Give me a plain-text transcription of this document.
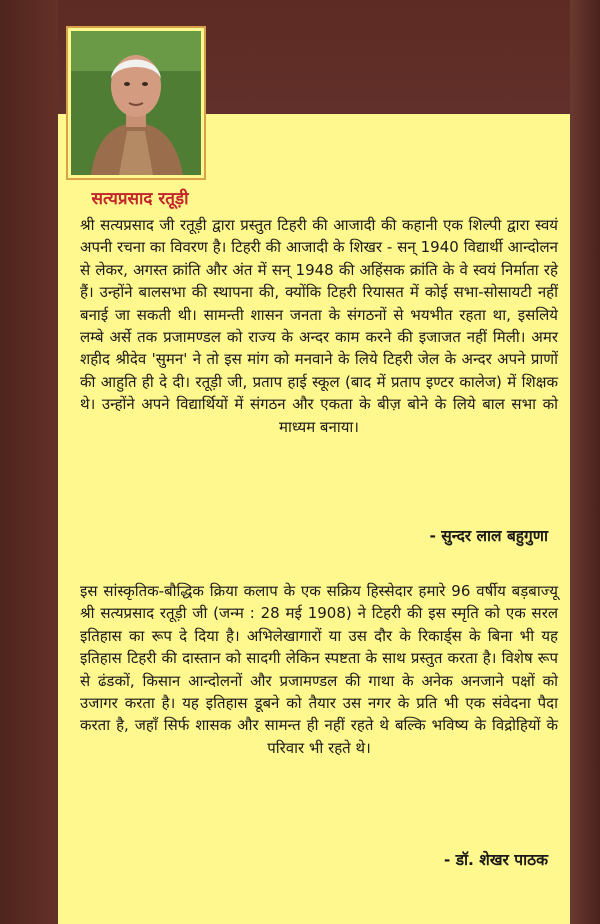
सत्यप्रसाद रतूड़ी
श्री सत्यप्रसाद जी रतूड़ी द्वारा प्रस्तुत टिहरी की आजादी की कहानी एक शिल्पी द्वारा स्वयं अपनी रचना का विवरण है। टिहरी की आजादी के शिखर - सन् 1940 विद्यार्थी आन्दोलन से लेकर, अगस्त क्रांति और अंत में सन् 1948 की अहिंसक क्रांति के वे स्वयं निर्माता रहे हैं। उन्होंने बालसभा की स्थापना की, क्योंकि टिहरी रियासत में कोई सभा-सोसायटी नहीं बनाई जा सकती थी। सामन्ती शासन जनता के संगठनों से भयभीत रहता था, इसलिये लम्बे अर्से तक प्रजामण्डल को राज्य के अन्दर काम करने की इजाजत नहीं मिली। अमर शहीद श्रीदेव 'सुमन' ने तो इस मांग को मनवाने के लिये टिहरी जेल के अन्दर अपने प्राणों की आहुति ही दे दी। रतूड़ी जी, प्रताप हाई स्कूल (बाद में प्रताप इण्टर कालेज) में शिक्षक थे। उन्होंने अपने विद्यार्थियों में संगठन और एकता के बीज़ बोने के लिये बाल सभा को माध्यम बनाया।
- सुन्दर लाल बहुगुणा
इस सांस्कृतिक-बौद्धिक क्रिया कलाप के एक सक्रिय हिस्सेदार हमारे 96 वर्षीय बड़बाज्यू श्री सत्यप्रसाद रतूड़ी जी (जन्म : 28 मई 1908) ने टिहरी की इस स्मृति को एक सरल इतिहास का रूप दे दिया है। अभिलेखागारों या उस दौर के रिकार्ड्स के बिना भी यह इतिहास टिहरी की दास्तान को सादगी लेकिन स्पष्टता के साथ प्रस्तुत करता है। विशेष रूप से ढंडकों, किसान आन्दोलनों और प्रजामण्डल की गाथा के अनेक अनजाने पक्षों को उजागर करता है। यह इतिहास डूबने को तैयार उस नगर के प्रति भी एक संवेदना पैदा करता है, जहाँ सिर्फ शासक और सामन्त ही नहीं रहते थे बल्कि भविष्य के विद्रोहियों के परिवार भी रहते थे।
- डॉ. शेखर पाठक
